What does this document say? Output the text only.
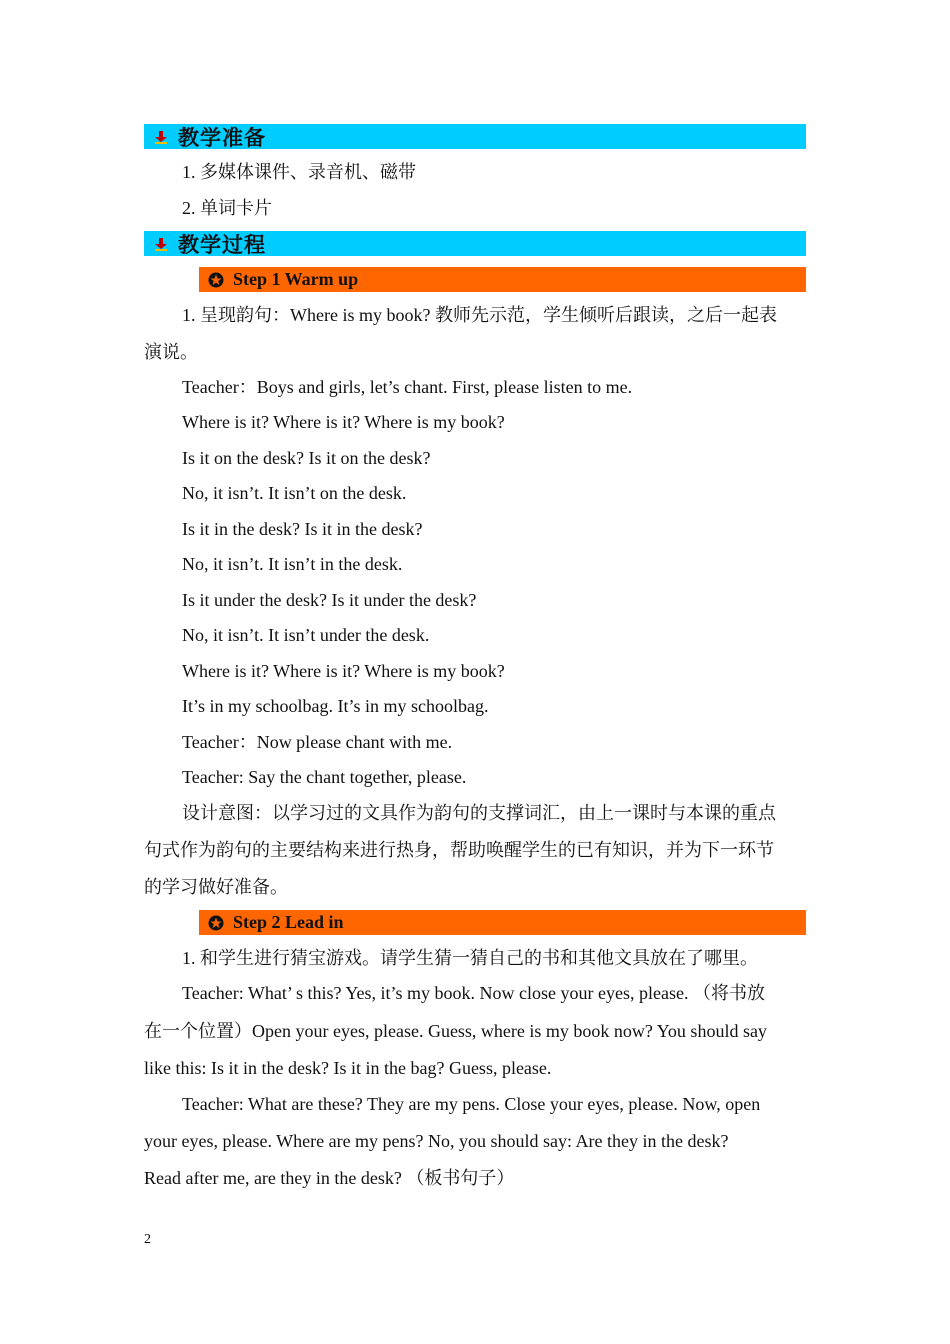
教学准备
1. 多媒体课件、录音机、磁带
2. 单词卡片
教学过程
Step 1 Warm up
1. 呈现韵句：Where is my book? 教师先示范，学生倾听后跟读，之后一起表
演说。
Teacher：Boys and girls, let’s chant. First, please listen to me.
Where is it? Where is it? Where is my book?
Is it on the desk? Is it on the desk?
No, it isn’t. It isn’t on the desk.
Is it in the desk? Is it in the desk?
No, it isn’t. It isn’t in the desk.
Is it under the desk? Is it under the desk?
No, it isn’t. It isn’t under the desk.
Where is it? Where is it? Where is my book?
It’s in my schoolbag. It’s in my schoolbag.
Teacher：Now please chant with me.
Teacher: Say the chant together, please.
设计意图：以学习过的文具作为韵句的支撑词汇，由上一课时与本课的重点
句式作为韵句的主要结构来进行热身，帮助唤醒学生的已有知识，并为下一环节
的学习做好准备。
Step 2 Lead in
1. 和学生进行猜宝游戏。请学生猜一猜自己的书和其他文具放在了哪里。
Teacher: What’ s this? Yes, it’s my book. Now close your eyes, please. （将书放
在一个位置）Open your eyes, please. Guess, where is my book now? You should say
like this: Is it in the desk? Is it in the bag? Guess, please.
Teacher: What are these? They are my pens. Close your eyes, please. Now, open
your eyes, please. Where are my pens? No, you should say: Are they in the desk?
Read after me, are they in the desk? （板书句子）
2
